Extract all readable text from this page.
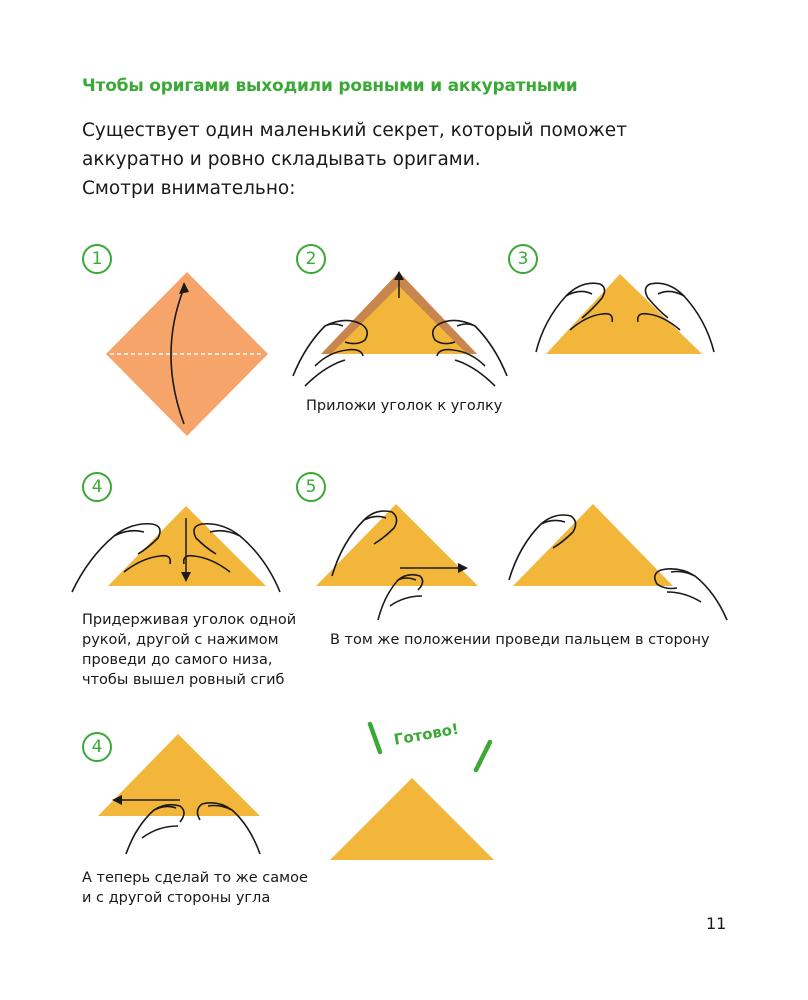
Чтобы оригами выходили ровными и аккуратными
Существует один маленький секрет, который поможет
аккуратно и ровно складывать оригами.
Смотри внимательно:
1	2	3
4	5
4
Приложи уголок к уголку
Придерживая уголок одной
рукой, другой с нажимом
проведи до самого низа,
чтобы вышел ровный сгиб
В том же положении проведи пальцем в сторону
А теперь сделай то же самое
и с другой стороны угла
Готово!
11
